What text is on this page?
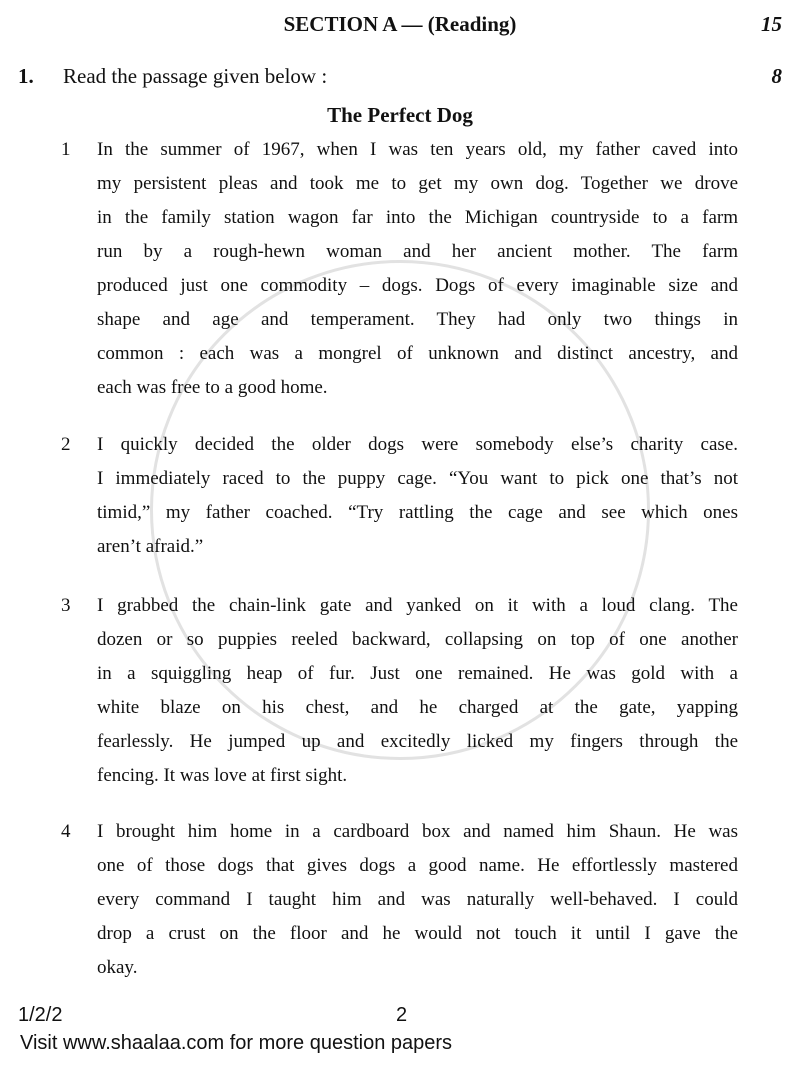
SECTION A — (Reading)	15
1. Read the passage given below :	8
The Perfect Dog
1 In the summer of 1967, when I was ten years old, my father caved into
my persistent pleas and took me to get my own dog. Together we drove
in the family station wagon far into the Michigan countryside to a farm
run by a rough-hewn woman and her ancient mother. The farm
produced just one commodity – dogs. Dogs of every imaginable size and
shape and age and temperament. They had only two things in
common : each was a mongrel of unknown and distinct ancestry, and
each was free to a good home.
2 I quickly decided the older dogs were somebody else’s charity case.
I immediately raced to the puppy cage. “You want to pick one that’s not
timid,” my father coached. “Try rattling the cage and see which ones
aren’t afraid.”
3 I grabbed the chain-link gate and yanked on it with a loud clang. The
dozen or so puppies reeled backward, collapsing on top of one another
in a squiggling heap of fur. Just one remained. He was gold with a
white blaze on his chest, and he charged at the gate, yapping
fearlessly. He jumped up and excitedly licked my fingers through the
fencing. It was love at first sight.
4 I brought him home in a cardboard box and named him Shaun. He was
one of those dogs that gives dogs a good name. He effortlessly mastered
every command I taught him and was naturally well-behaved. I could
drop a crust on the floor and he would not touch it until I gave the
okay.
1/2/2	2
Visit www.shaalaa.com for more question papers
